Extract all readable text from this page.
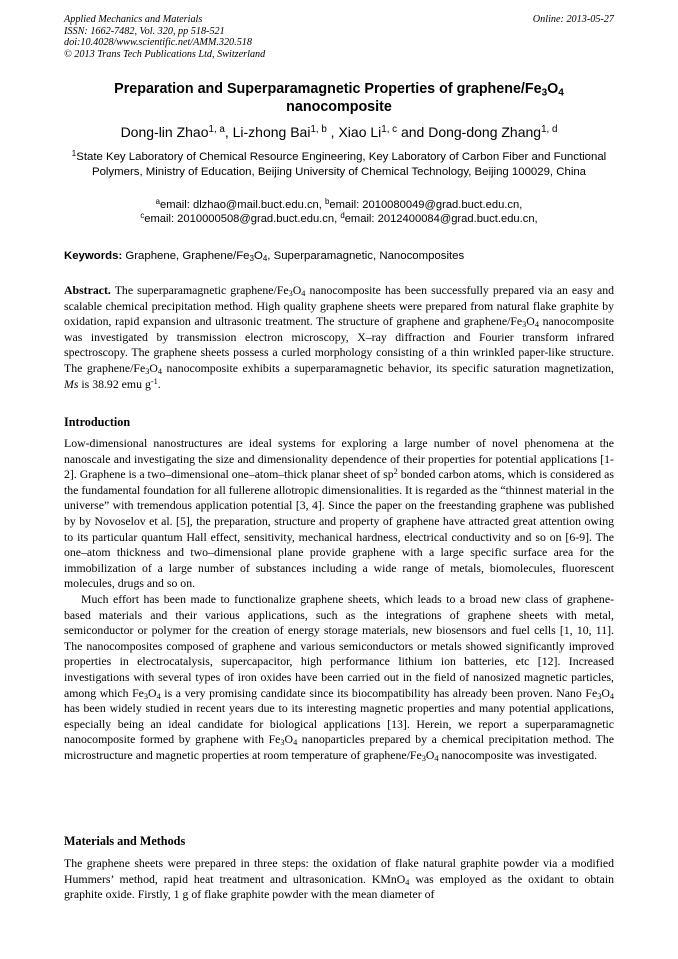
Applied Mechanics and Materials
ISSN: 1662-7482, Vol. 320, pp 518-521
doi:10.4028/www.scientific.net/AMM.320.518
© 2013 Trans Tech Publications Ltd, Switzerland
Online: 2013-05-27
Preparation and Superparamagnetic Properties of graphene/$Fe_3O_4$
nanocomposite
Dong-lin Zhao$^{1, a}$, Li-zhong Bai$^{1, b}$ , Xiao Li$^{1, c}$ and Dong-dong Zhang$^{1, d}$
$^1$State Key Laboratory of Chemical Resource Engineering, Key Laboratory of Carbon Fiber and Functional Polymers, Ministry of Education, Beijing University of Chemical Technology, Beijing 100029, China
$^a$email: dlzhao@mail.buct.edu.cn, $^b$email: 2010080049@grad.buct.edu.cn,
$^c$email: 2010000508@grad.buct.edu.cn, $^d$email: 2012400084@grad.buct.edu.cn,
Keywords: Graphene, Graphene/$Fe_3O_4$, Superparamagnetic, Nanocomposites
Abstract. The superparamagnetic graphene/$Fe_3O_4$ nanocomposite has been successfully prepared via an easy and scalable chemical precipitation method. High quality graphene sheets were prepared from natural flake graphite by oxidation, rapid expansion and ultrasonic treatment. The structure of graphene and graphene/$Fe_3O_4$ nanocomposite was investigated by transmission electron microscopy, X–ray diffraction and Fourier transform infrared spectroscopy. The graphene sheets possess a curled morphology consisting of a thin wrinkled paper-like structure. The graphene/$Fe_3O_4$ nanocomposite exhibits a superparamagnetic behavior, its specific saturation magnetization, Ms is 38.92 emu $g^{-1}$.
Introduction
Low-dimensional nanostructures are ideal systems for exploring a large number of novel phenomena at the nanoscale and investigating the size and dimensionality dependence of their properties for potential applications [1-2]. Graphene is a two–dimensional one–atom–thick planar sheet of $sp^2$ bonded carbon atoms, which is considered as the fundamental foundation for all fullerene allotropic dimensionalities. It is regarded as the “thinnest material in the universe” with tremendous application potential [3, 4]. Since the paper on the freestanding graphene was published by by Novoselov et al. [5], the preparation, structure and property of graphene have attracted great attention owing to its particular quantum Hall effect, sensitivity, mechanical hardness, electrical conductivity and so on [6-9]. The one–atom thickness and two–dimensional plane provide graphene with a large specific surface area for the immobilization of a large number of substances including a wide range of metals, biomolecules, fluorescent molecules, drugs and so on.
Much effort has been made to functionalize graphene sheets, which leads to a broad new class of graphene-based materials and their various applications, such as the integrations of graphene sheets with metal, semiconductor or polymer for the creation of energy storage materials, new biosensors and fuel cells [1, 10, 11]. The nanocomposites composed of graphene and various semiconductors or metals showed significantly improved properties in electrocatalysis, supercapacitor, high performance lithium ion batteries, etc [12]. Increased investigations with several types of iron oxides have been carried out in the field of nanosized magnetic particles, among which $Fe_3O_4$ is a very promising candidate since its biocompatibility has already been proven. Nano $Fe_3O_4$ has been widely studied in recent years due to its interesting magnetic properties and many potential applications, especially being an ideal candidate for biological applications [13]. Herein, we report a superparamagnetic nanocomposite formed by graphene with $Fe_3O_4$ nanoparticles prepared by a chemical precipitation method. The microstructure and magnetic properties at room temperature of graphene/$Fe_3O_4$ nanocomposite was investigated.
Materials and Methods
The graphene sheets were prepared in three steps: the oxidation of flake natural graphite powder via a modified Hummers’ method, rapid heat treatment and ultrasonication. KMnO$_4$ was employed as the oxidant to obtain graphite oxide. Firstly, 1 g of flake graphite powder with the mean diameter of
